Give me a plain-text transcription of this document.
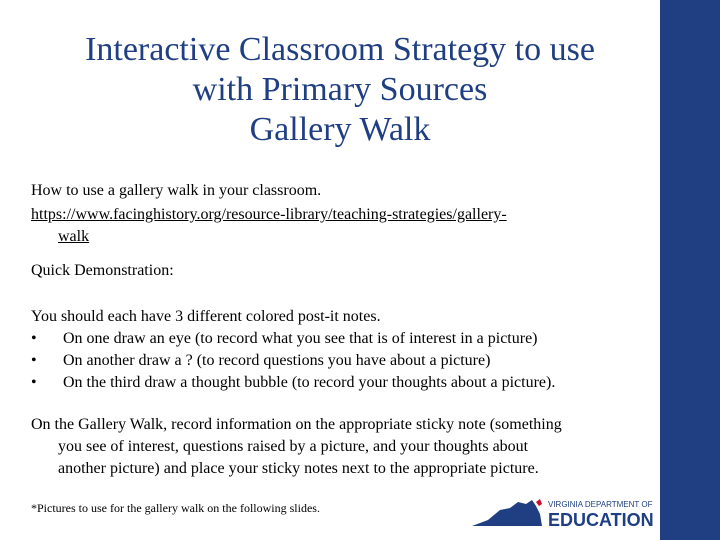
Interactive Classroom Strategy to use
with Primary Sources
Gallery Walk
How to use a gallery walk in your classroom.
https://www.facinghistory.org/resource-library/teaching-strategies/gallery-
walk
Quick Demonstration:
You should each have 3 different colored post-it notes.
• On one draw an eye (to record what you see that is of interest in a picture)
• On another draw a ? (to record questions you have about a picture)
• On the third draw a thought bubble (to record your thoughts about a picture).
On the Gallery Walk, record information on the appropriate sticky note (something
you see of interest, questions raised by a picture, and your thoughts about
another picture) and place your sticky notes next to the appropriate picture.
*Pictures to use for the gallery walk on the following slides.	VIRGINIA DEPARTMENT OF
EDUCATION
